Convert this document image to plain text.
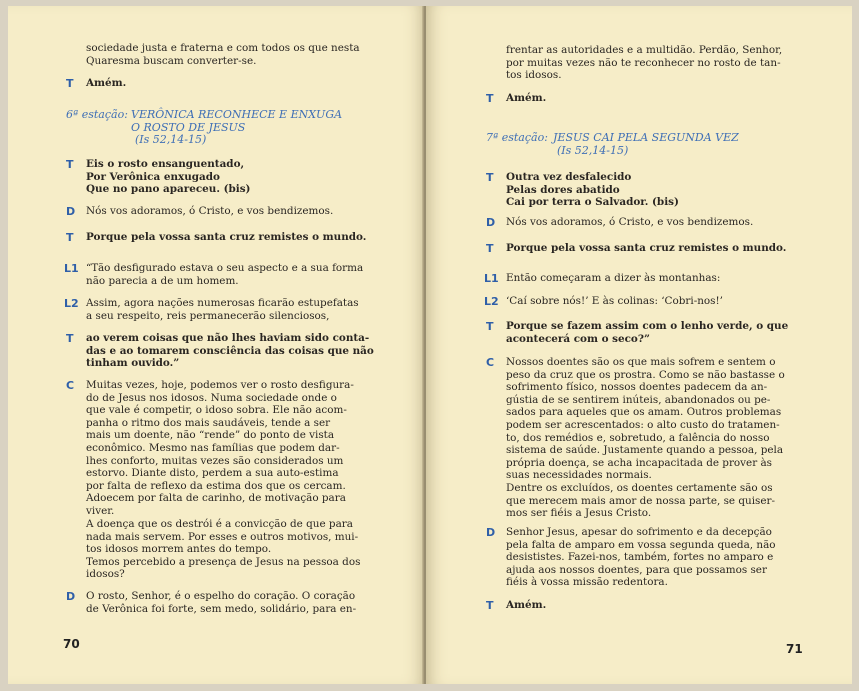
sociedade justa e fraterna e com todos os que nesta
Quaresma buscam converter-se.
T Amém.
6ª estação: VERÔNICA RECONHECE E ENXUGA
O ROSTO DE JESUS
(Is 52,14-15)
T Eis o rosto ensanguentado,
Por Verônica enxugado
Que no pano apareceu. (bis)
D Nós vos adoramos, ó Cristo, e vos bendizemos.
T Porque pela vossa santa cruz remistes o mundo.
L1 “Tão desfigurado estava o seu aspecto e a sua forma
não parecia a de um homem.
L2 Assim, agora nações numerosas ficarão estupefatas
a seu respeito, reis permanecerão silenciosos,
T ao verem coisas que não lhes haviam sido conta-
das e ao tomarem consciência das coisas que não
tinham ouvido.”
C Muitas vezes, hoje, podemos ver o rosto desfigura-
do de Jesus nos idosos. Numa sociedade onde o
que vale é competir, o idoso sobra. Ele não acom-
panha o ritmo dos mais saudáveis, tende a ser
mais um doente, não “rende” do ponto de vista
econômico. Mesmo nas famílias que podem dar-
lhes conforto, muitas vezes são considerados um
estorvo. Diante disto, perdem a sua auto-estima
por falta de reflexo da estima dos que os cercam.
Adoecem por falta de carinho, de motivação para
viver.
A doença que os destrói é a convicção de que para
nada mais servem. Por esses e outros motivos, mui-
tos idosos morrem antes do tempo.
Temos percebido a presença de Jesus na pessoa dos
idosos?
D O rosto, Senhor, é o espelho do coração. O coração
de Verônica foi forte, sem medo, solidário, para en-
70
frentar as autoridades e a multidão. Perdão, Senhor,
por muitas vezes não te reconhecer no rosto de tan-
tos idosos.
T Amém.
7ª estação: JESUS CAI PELA SEGUNDA VEZ
(Is 52,14-15)
T Outra vez desfalecido
Pelas dores abatido
Cai por terra o Salvador. (bis)
D Nós vos adoramos, ó Cristo, e vos bendizemos.
T Porque pela vossa santa cruz remistes o mundo.
L1 Então começaram a dizer às montanhas:
L2 ‘Caí sobre nós!’ E às colinas: ‘Cobri-nos!’
T Porque se fazem assim com o lenho verde, o que
acontecerá com o seco?”
C Nossos doentes são os que mais sofrem e sentem o
peso da cruz que os prostra. Como se não bastasse o
sofrimento físico, nossos doentes padecem da an-
gústia de se sentirem inúteis, abandonados ou pe-
sados para aqueles que os amam. Outros problemas
podem ser acrescentados: o alto custo do tratamen-
to, dos remédios e, sobretudo, a falência do nosso
sistema de saúde. Justamente quando a pessoa, pela
própria doença, se acha incapacitada de prover às
suas necessidades normais.
Dentre os excluídos, os doentes certamente são os
que merecem mais amor de nossa parte, se quiser-
mos ser fiéis a Jesus Cristo.
D Senhor Jesus, apesar do sofrimento e da decepção
pela falta de amparo em vossa segunda queda, não
desististes. Fazei-nos, também, fortes no amparo e
ajuda aos nossos doentes, para que possamos ser
fiéis à vossa missão redentora.
T Amém.
71
